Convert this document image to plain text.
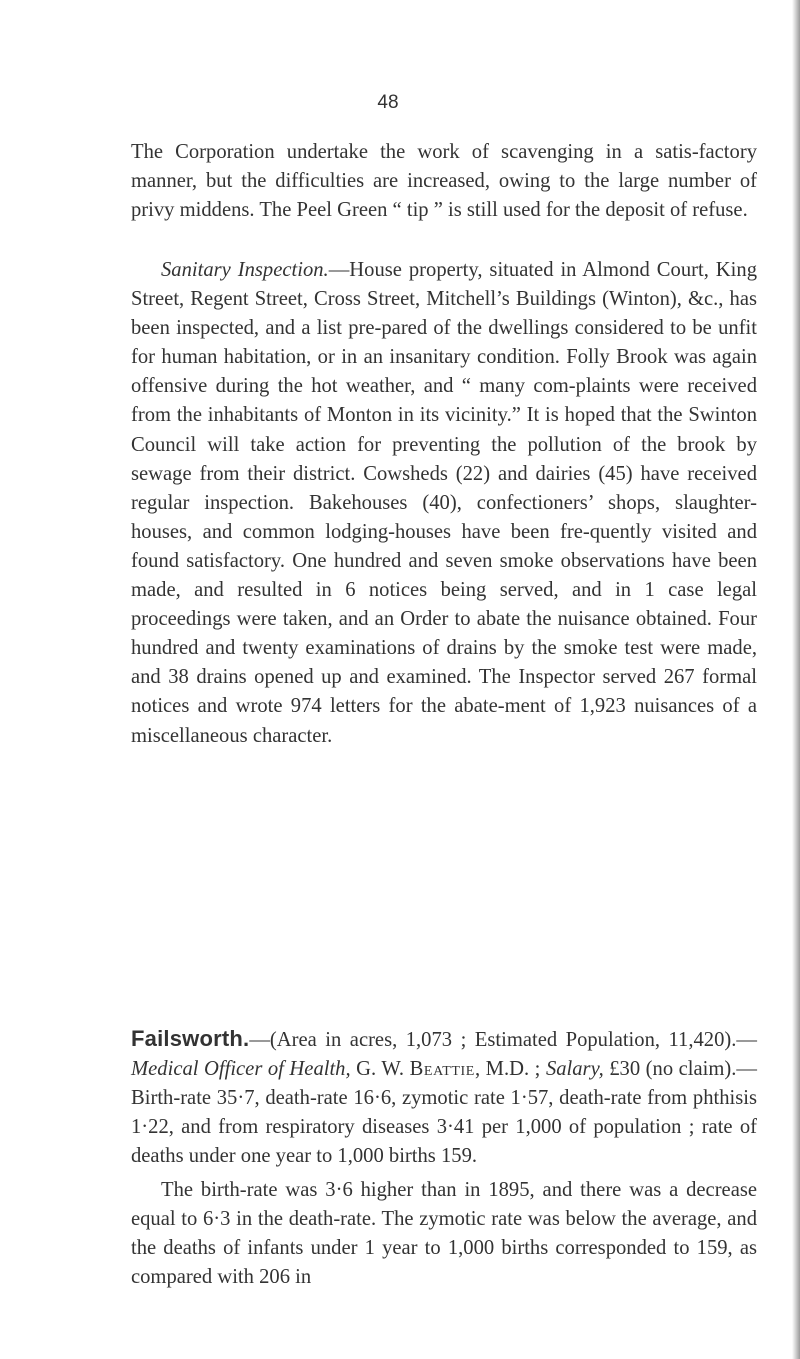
48

The Corporation undertake the work of scavenging in a satis-factory manner, but the difficulties are increased, owing to the large number of privy middens. The Peel Green “ tip ” is still used for the deposit of refuse.

Sanitary Inspection.—House property, situated in Almond Court, King Street, Regent Street, Cross Street, Mitchell’s Buildings (Winton), &c., has been inspected, and a list pre-pared of the dwellings considered to be unfit for human habitation, or in an insanitary condition. Folly Brook was again offensive during the hot weather, and “ many com-plaints were received from the inhabitants of Monton in its vicinity.” It is hoped that the Swinton Council will take action for preventing the pollution of the brook by sewage from their district. Cowsheds (22) and dairies (45) have received regular inspection. Bakehouses (40), confectioners’ shops, slaughter-houses, and common lodging-houses have been fre-quently visited and found satisfactory. One hundred and seven smoke observations have been made, and resulted in 6 notices being served, and in 1 case legal proceedings were taken, and an Order to abate the nuisance obtained. Four hundred and twenty examinations of drains by the smoke test were made, and 38 drains opened up and examined. The Inspector served 267 formal notices and wrote 974 letters for the abate-ment of 1,923 nuisances of a miscellaneous character.

Failsworth.—(Area in acres, 1,073 ; Estimated Population, 11,420).—Medical Officer of Health, G. W. Beattie, M.D. ; Salary, £30 (no claim).—Birth-rate 35·7, death-rate 16·6, zymotic rate 1·57, death-rate from phthisis 1·22, and from respiratory diseases 3·41 per 1,000 of population ; rate of deaths under one year to 1,000 births 159.

The birth-rate was 3·6 higher than in 1895, and there was a decrease equal to 6·3 in the death-rate. The zymotic rate was below the average, and the deaths of infants under 1 year to 1,000 births corresponded to 159, as compared with 206 in
